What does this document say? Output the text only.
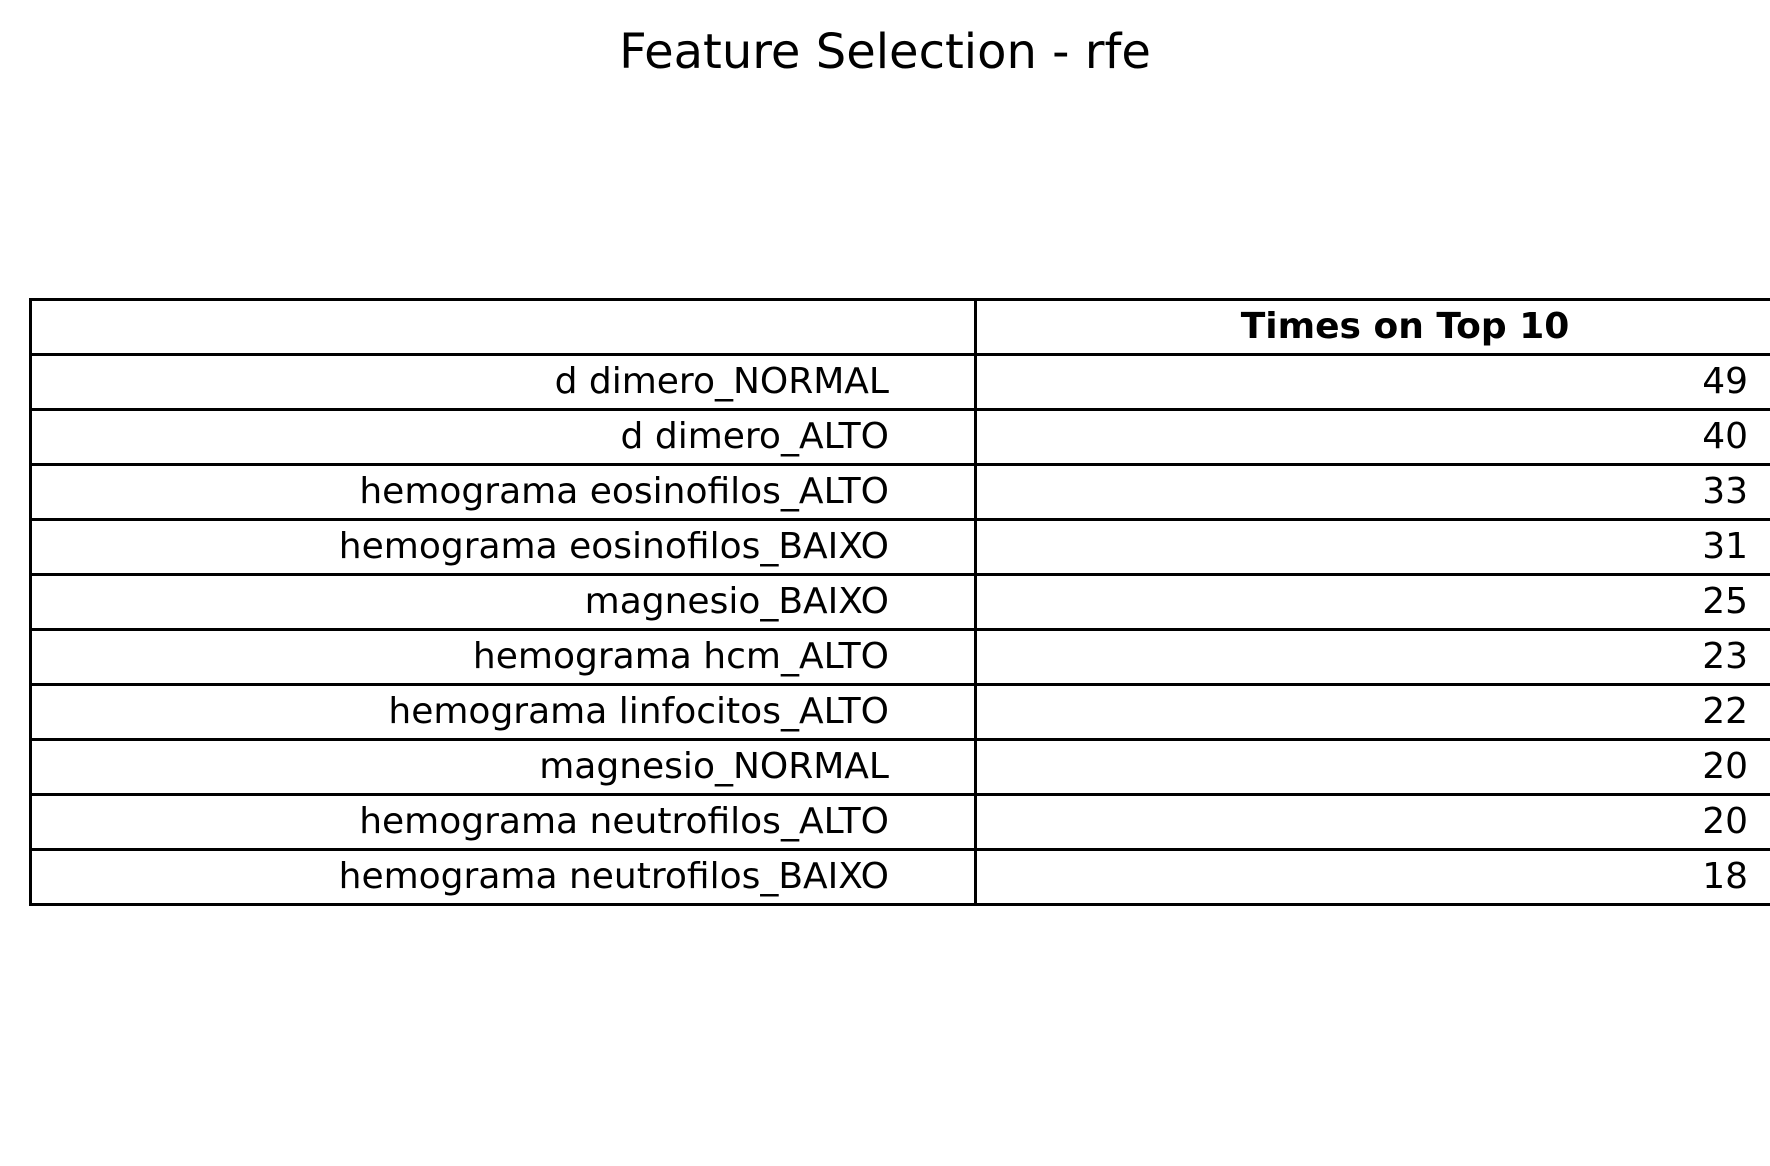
Feature Selection - rfe
	Times on Top 10
d dimero_NORMAL	49
d dimero_ALTO	40
hemograma eosinofilos_ALTO	33
hemograma eosinofilos_BAIXO	31
magnesio_BAIXO	25
hemograma hcm_ALTO	23
hemograma linfocitos_ALTO	22
magnesio_NORMAL	20
hemograma neutrofilos_ALTO	20
hemograma neutrofilos_BAIXO	18
